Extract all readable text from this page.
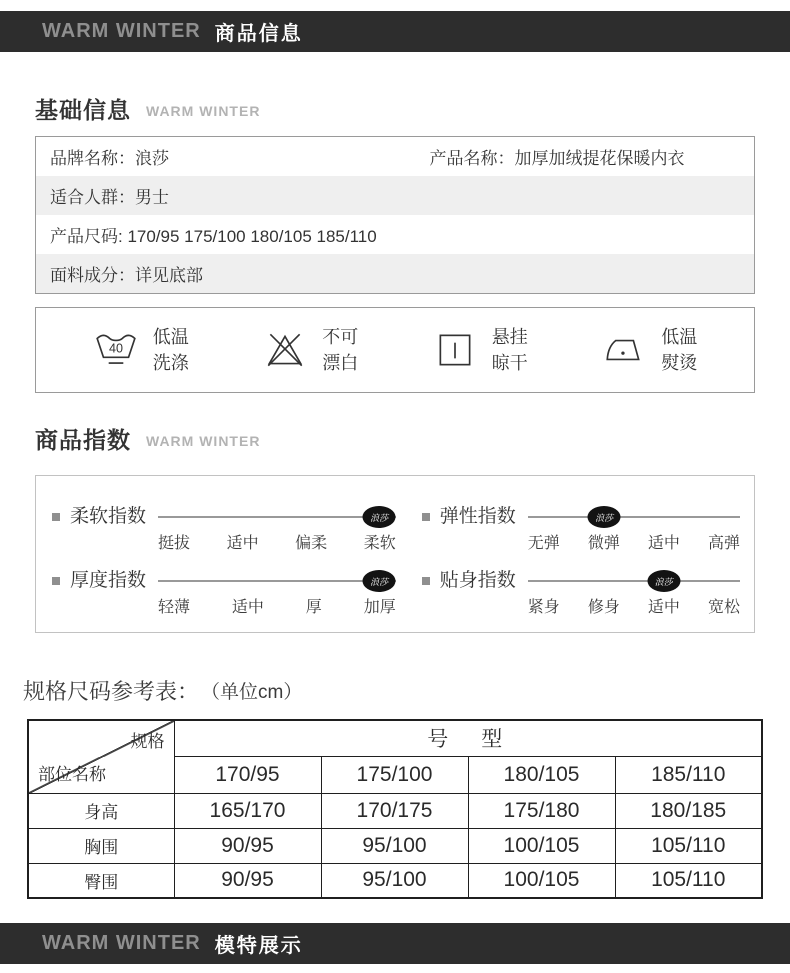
WARM WINTER 商品信息
基础信息 WARM WINTER
品牌名称：浪莎	产品名称：加厚加绒提花保暖内衣
适合人群：男士
产品尺码: 170/95 175/100 180/105 185/110
面料成分：详见底部
40
低温
洗涤
不可
漂白
悬挂
晾干
低温
熨烫
商品指数 WARM WINTER
柔软指数	浪莎
挺拔 适中 偏柔 柔软
弹性指数	浪莎
无弹 微弹 适中 高弹
厚度指数	浪莎
轻薄	适中	厚	加厚
贴身指数	浪莎
紧身 修身 适中 宽松
规格尺码参考表： （单位cm）
规格
部位名称	号　型			
	170/95	175/100	180/105	185/110
身高	165/170	170/175	175/180	180/185
胸围	90/95	95/100	100/105	105/110
臀围	90/95	95/100	100/105	105/110
WARM WINTER 模特展示
